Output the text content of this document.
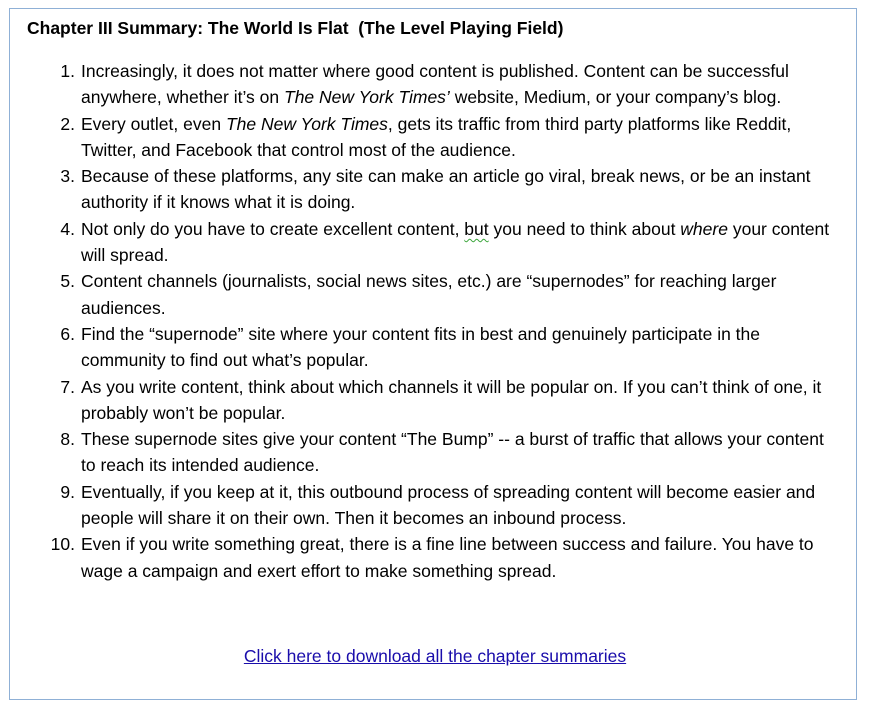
Chapter III Summary: The World Is Flat  (The Level Playing Field)

1. Increasingly, it does not matter where good content is published. Content can be successful anywhere, whether it’s on The New York Times’ website, Medium, or your company’s blog.
2. Every outlet, even The New York Times, gets its traffic from third party platforms like Reddit, Twitter, and Facebook that control most of the audience.
3. Because of these platforms, any site can make an article go viral, break news, or be an instant authority if it knows what it is doing.
4. Not only do you have to create excellent content, but you need to think about where your content will spread.
5. Content channels (journalists, social news sites, etc.) are “supernodes” for reaching larger audiences.
6. Find the “supernode” site where your content fits in best and genuinely participate in the community to find out what’s popular.
7. As you write content, think about which channels it will be popular on. If you can’t think of one, it probably won’t be popular.
8. These supernode sites give your content “The Bump” -- a burst of traffic that allows your content to reach its intended audience.
9. Eventually, if you keep at it, this outbound process of spreading content will become easier and people will share it on their own. Then it becomes an inbound process.
10. Even if you write something great, there is a fine line between success and failure. You have to wage a campaign and exert effort to make something spread.
Click here to download all the chapter summaries
